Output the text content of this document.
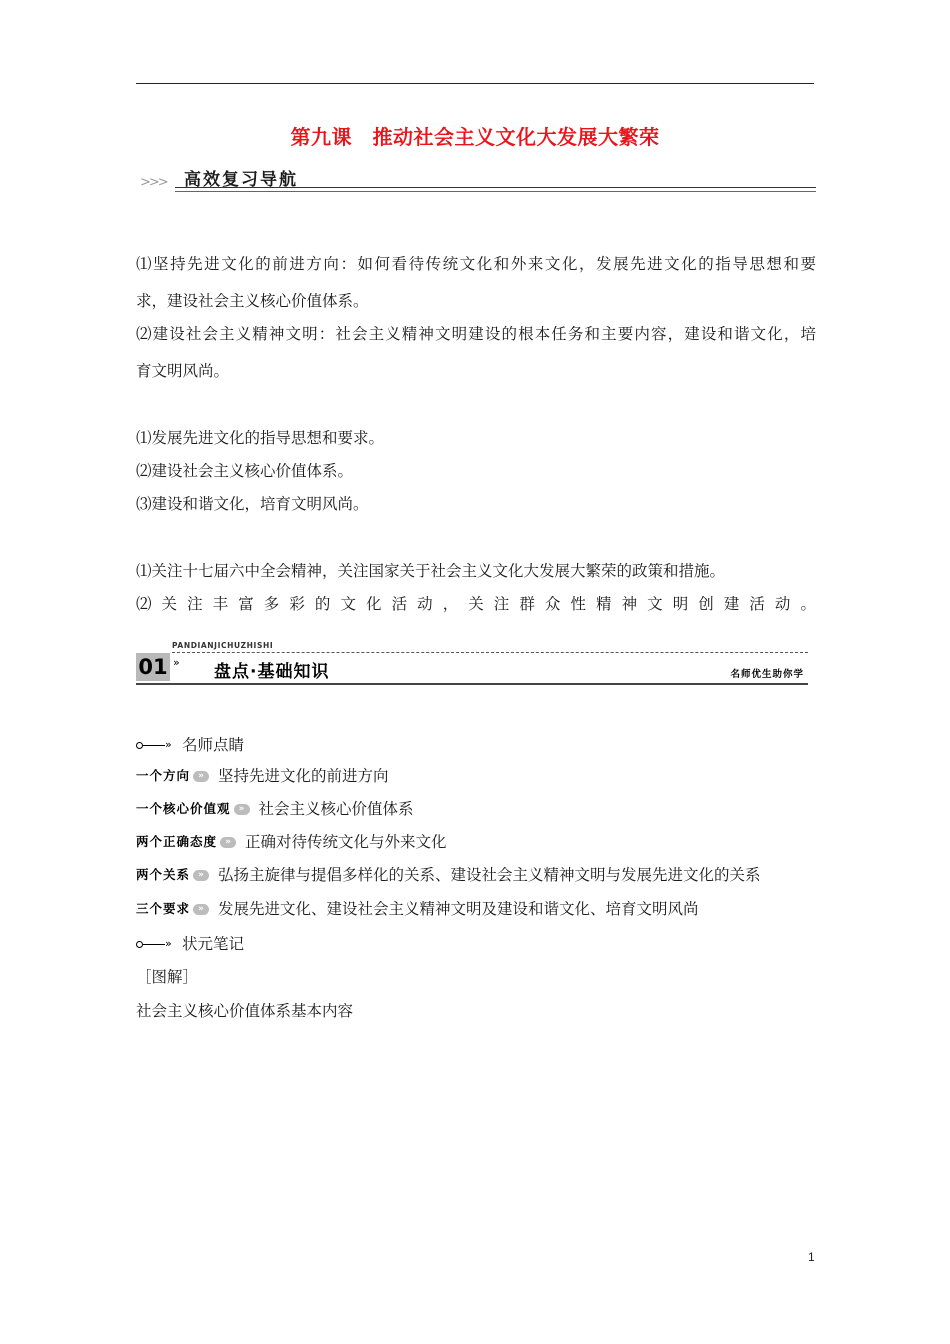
第九课　推动社会主义文化大发展大繁荣
>>> 高效复习导航
⑴坚持先进文化的前进方向：如何看待传统文化和外来文化，发展先进文化的指导思想和要
求，建设社会主义核心价值体系。
⑵建设社会主义精神文明：社会主义精神文明建设的根本任务和主要内容，建设和谐文化，培
育文明风尚。
⑴发展先进文化的指导思想和要求。
⑵建设社会主义核心价值体系。
⑶建设和谐文化，培育文明风尚。
⑴关注十七届六中全会精神，关注国家关于社会主义文化大发展大繁荣的政策和措施。
⑵ 关 注 丰 富 多 彩 的 文 化 活 动 ， 关 注 群 众 性 精 神 文 明 创 建 活 动 。
PANDIANJICHUZHISHI
01 » 盘点·基础知识	名师优生助你学
» 名师点睛
一个方向 » 坚持先进文化的前进方向
一个核心价值观 » 社会主义核心价值体系
两个正确态度 » 正确对待传统文化与外来文化
两个关系 » 弘扬主旋律与提倡多样化的关系、建设社会主义精神文明与发展先进文化的关系
三个要求 » 发展先进文化、建设社会主义精神文明及建设和谐文化、培育文明风尚
» 状元笔记
［图解］
社会主义核心价值体系基本内容
1
